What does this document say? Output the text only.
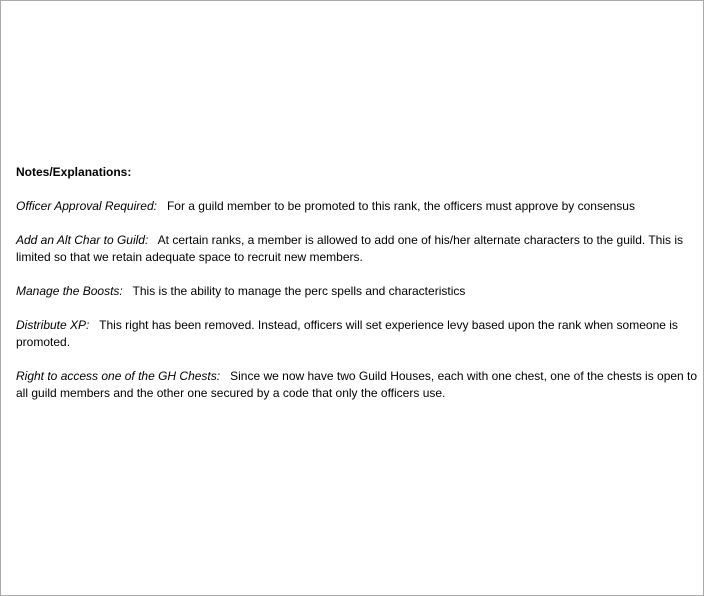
Notes/Explanations:
Officer Approval Required: For a guild member to be promoted to this rank, the officers must approve by consensus
Add an Alt Char to Guild: At certain ranks, a member is allowed to add one of his/her alternate characters to the guild. This is limited so that we retain adequate space to recruit new members.
Manage the Boosts: This is the ability to manage the perc spells and characteristics
Distribute XP: This right has been removed. Instead, officers will set experience levy based upon the rank when someone is promoted.
Right to access one of the GH Chests: Since we now have two Guild Houses, each with one chest, one of the chests is open to all guild members and the other one secured by a code that only the officers use.
